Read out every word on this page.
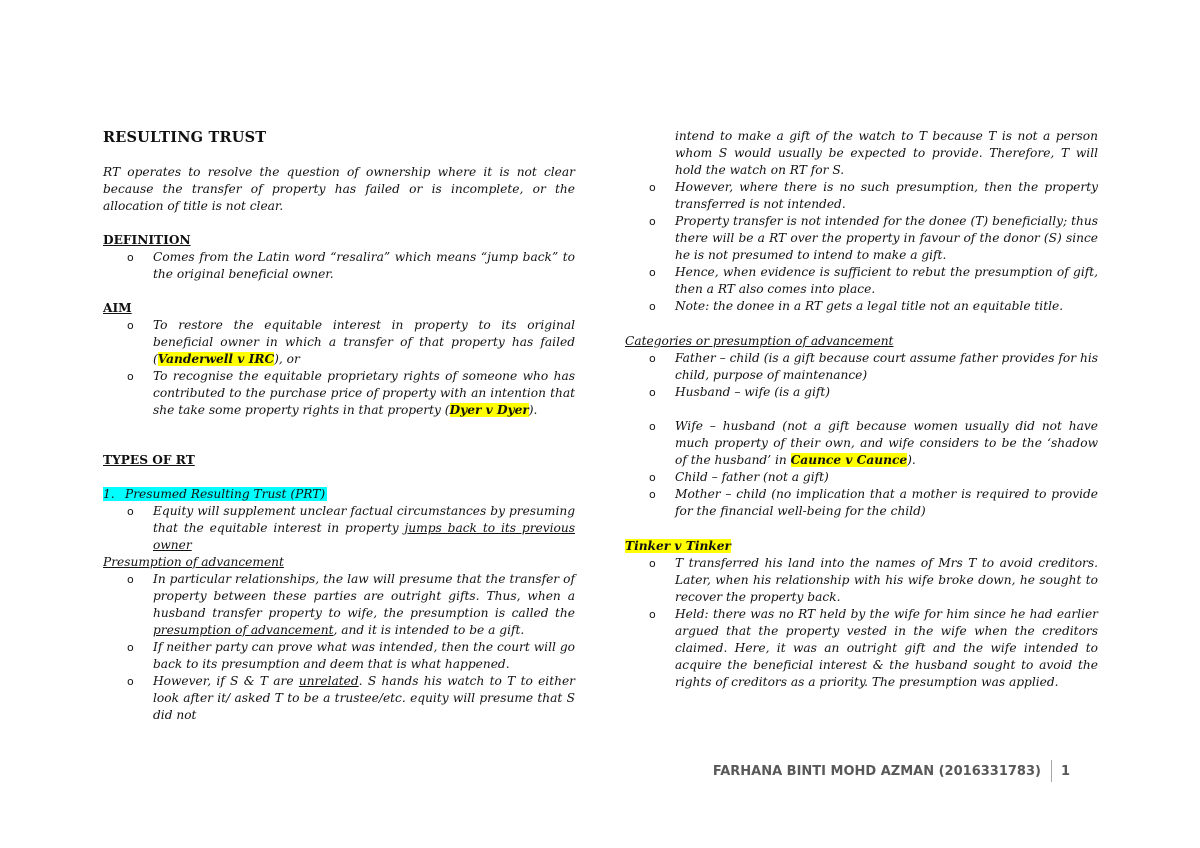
RESULTING TRUST

RT operates to resolve the question of ownership where it is not clear because the transfer of property has failed or is incomplete, or the allocation of title is not clear.

DEFINITION
o Comes from the Latin word “resalira” which means “jump back” to the original beneficial owner.
AIM
o To restore the equitable interest in property to its original beneficial owner in which a transfer of that property has failed (Vanderwell v IRC), or
o To recognise the equitable proprietary rights of someone who has contributed to the purchase price of property with an intention that she take some property rights in that property (Dyer v Dyer).
TYPES OF RT
1. Presumed Resulting Trust (PRT)
o Equity will supplement unclear factual circumstances by presuming that the equitable interest in property jumps back to its previous owner
Presumption of advancement
o In particular relationships, the law will presume that the transfer of property between these parties are outright gifts. Thus, when a husband transfer property to wife, the presumption is called the presumption of advancement, and it is intended to be a gift.
o If neither party can prove what was intended, then the court will go back to its presumption and deem that is what happened.
o However, if S & T are unrelated. S hands his watch to T to either look after it/ asked T to be a trustee/etc. equity will presume that S did not
intend to make a gift of the watch to T because T is not a person whom S would usually be expected to provide. Therefore, T will hold the watch on RT for S.
o However, where there is no such presumption, then the property transferred is not intended.
o Property transfer is not intended for the donee (T) beneficially; thus there will be a RT over the property in favour of the donor (S) since he is not presumed to intend to make a gift.
o Hence, when evidence is sufficient to rebut the presumption of gift, then a RT also comes into place.
o Note: the donee in a RT gets a legal title not an equitable title.
Categories or presumption of advancement
o Father – child (is a gift because court assume father provides for his child, purpose of maintenance)
o Husband – wife (is a gift)
o Wife – husband (not a gift because women usually did not have much property of their own, and wife considers to be the ‘shadow of the husband’ in Caunce v Caunce).
o Child – father (not a gift)
o Mother – child (no implication that a mother is required to provide for the financial well-being for the child)
Tinker v Tinker
o T transferred his land into the names of Mrs T to avoid creditors. Later, when his relationship with his wife broke down, he sought to recover the property back.
o Held: there was no RT held by the wife for him since he had earlier argued that the property vested in the wife when the creditors claimed. Here, it was an outright gift and the wife intended to acquire the beneficial interest & the husband sought to avoid the rights of creditors as a priority. The presumption was applied.
FARHANA BINTI MOHD AZMAN (2016331783) 1
